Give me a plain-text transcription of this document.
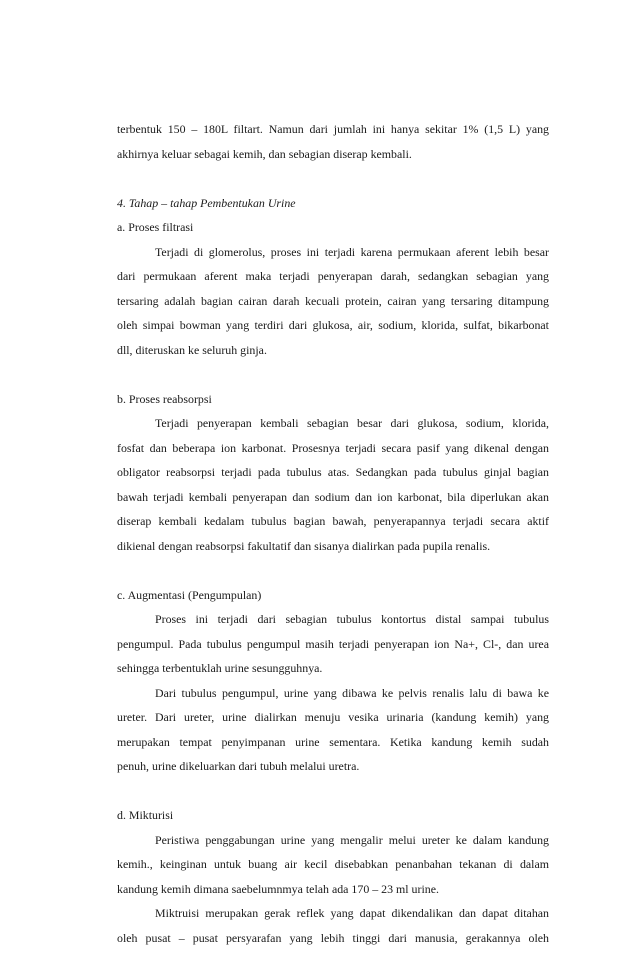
terbentuk 150 – 180L filtart. Namun dari jumlah ini hanya sekitar 1% (1,5 L) yang
akhirnya keluar sebagai kemih, dan sebagian diserap kembali.
4. Tahap – tahap Pembentukan Urine
a. Proses filtrasi
Terjadi di glomerolus, proses ini terjadi karena permukaan aferent lebih besar
dari permukaan aferent maka terjadi penyerapan darah, sedangkan sebagian yang
tersaring adalah bagian cairan darah kecuali protein, cairan yang tersaring ditampung
oleh simpai bowman yang terdiri dari glukosa, air, sodium, klorida, sulfat, bikarbonat
dll, diteruskan ke seluruh ginja.
b. Proses reabsorpsi
Terjadi penyerapan kembali sebagian besar dari glukosa, sodium, klorida,
fosfat dan beberapa ion karbonat. Prosesnya terjadi secara pasif yang dikenal dengan
obligator reabsorpsi terjadi pada tubulus atas. Sedangkan pada tubulus ginjal bagian
bawah terjadi kembali penyerapan dan sodium dan ion karbonat, bila diperlukan akan
diserap kembali kedalam tubulus bagian bawah, penyerapannya terjadi secara aktif
dikienal dengan reabsorpsi fakultatif dan sisanya dialirkan pada pupila renalis.
c. Augmentasi (Pengumpulan)
Proses ini terjadi dari sebagian tubulus kontortus distal sampai tubulus
pengumpul. Pada tubulus pengumpul masih terjadi penyerapan ion Na+, Cl-, dan urea
sehingga terbentuklah urine sesungguhnya.
Dari tubulus pengumpul, urine yang dibawa ke pelvis renalis lalu di bawa ke
ureter. Dari ureter, urine dialirkan menuju vesika urinaria (kandung kemih) yang
merupakan tempat penyimpanan urine sementara. Ketika kandung kemih sudah
penuh, urine dikeluarkan dari tubuh melalui uretra.
d. Mikturisi
Peristiwa penggabungan urine yang mengalir melui ureter ke dalam kandung
kemih., keinginan untuk buang air kecil disebabkan penanbahan tekanan di dalam
kandung kemih dimana saebelumnmya telah ada 170 – 23 ml urine.
Miktruisi merupakan gerak reflek yang dapat dikendalikan dan dapat ditahan
oleh pusat – pusat persyarafan yang lebih tinggi dari manusia, gerakannya oleh
